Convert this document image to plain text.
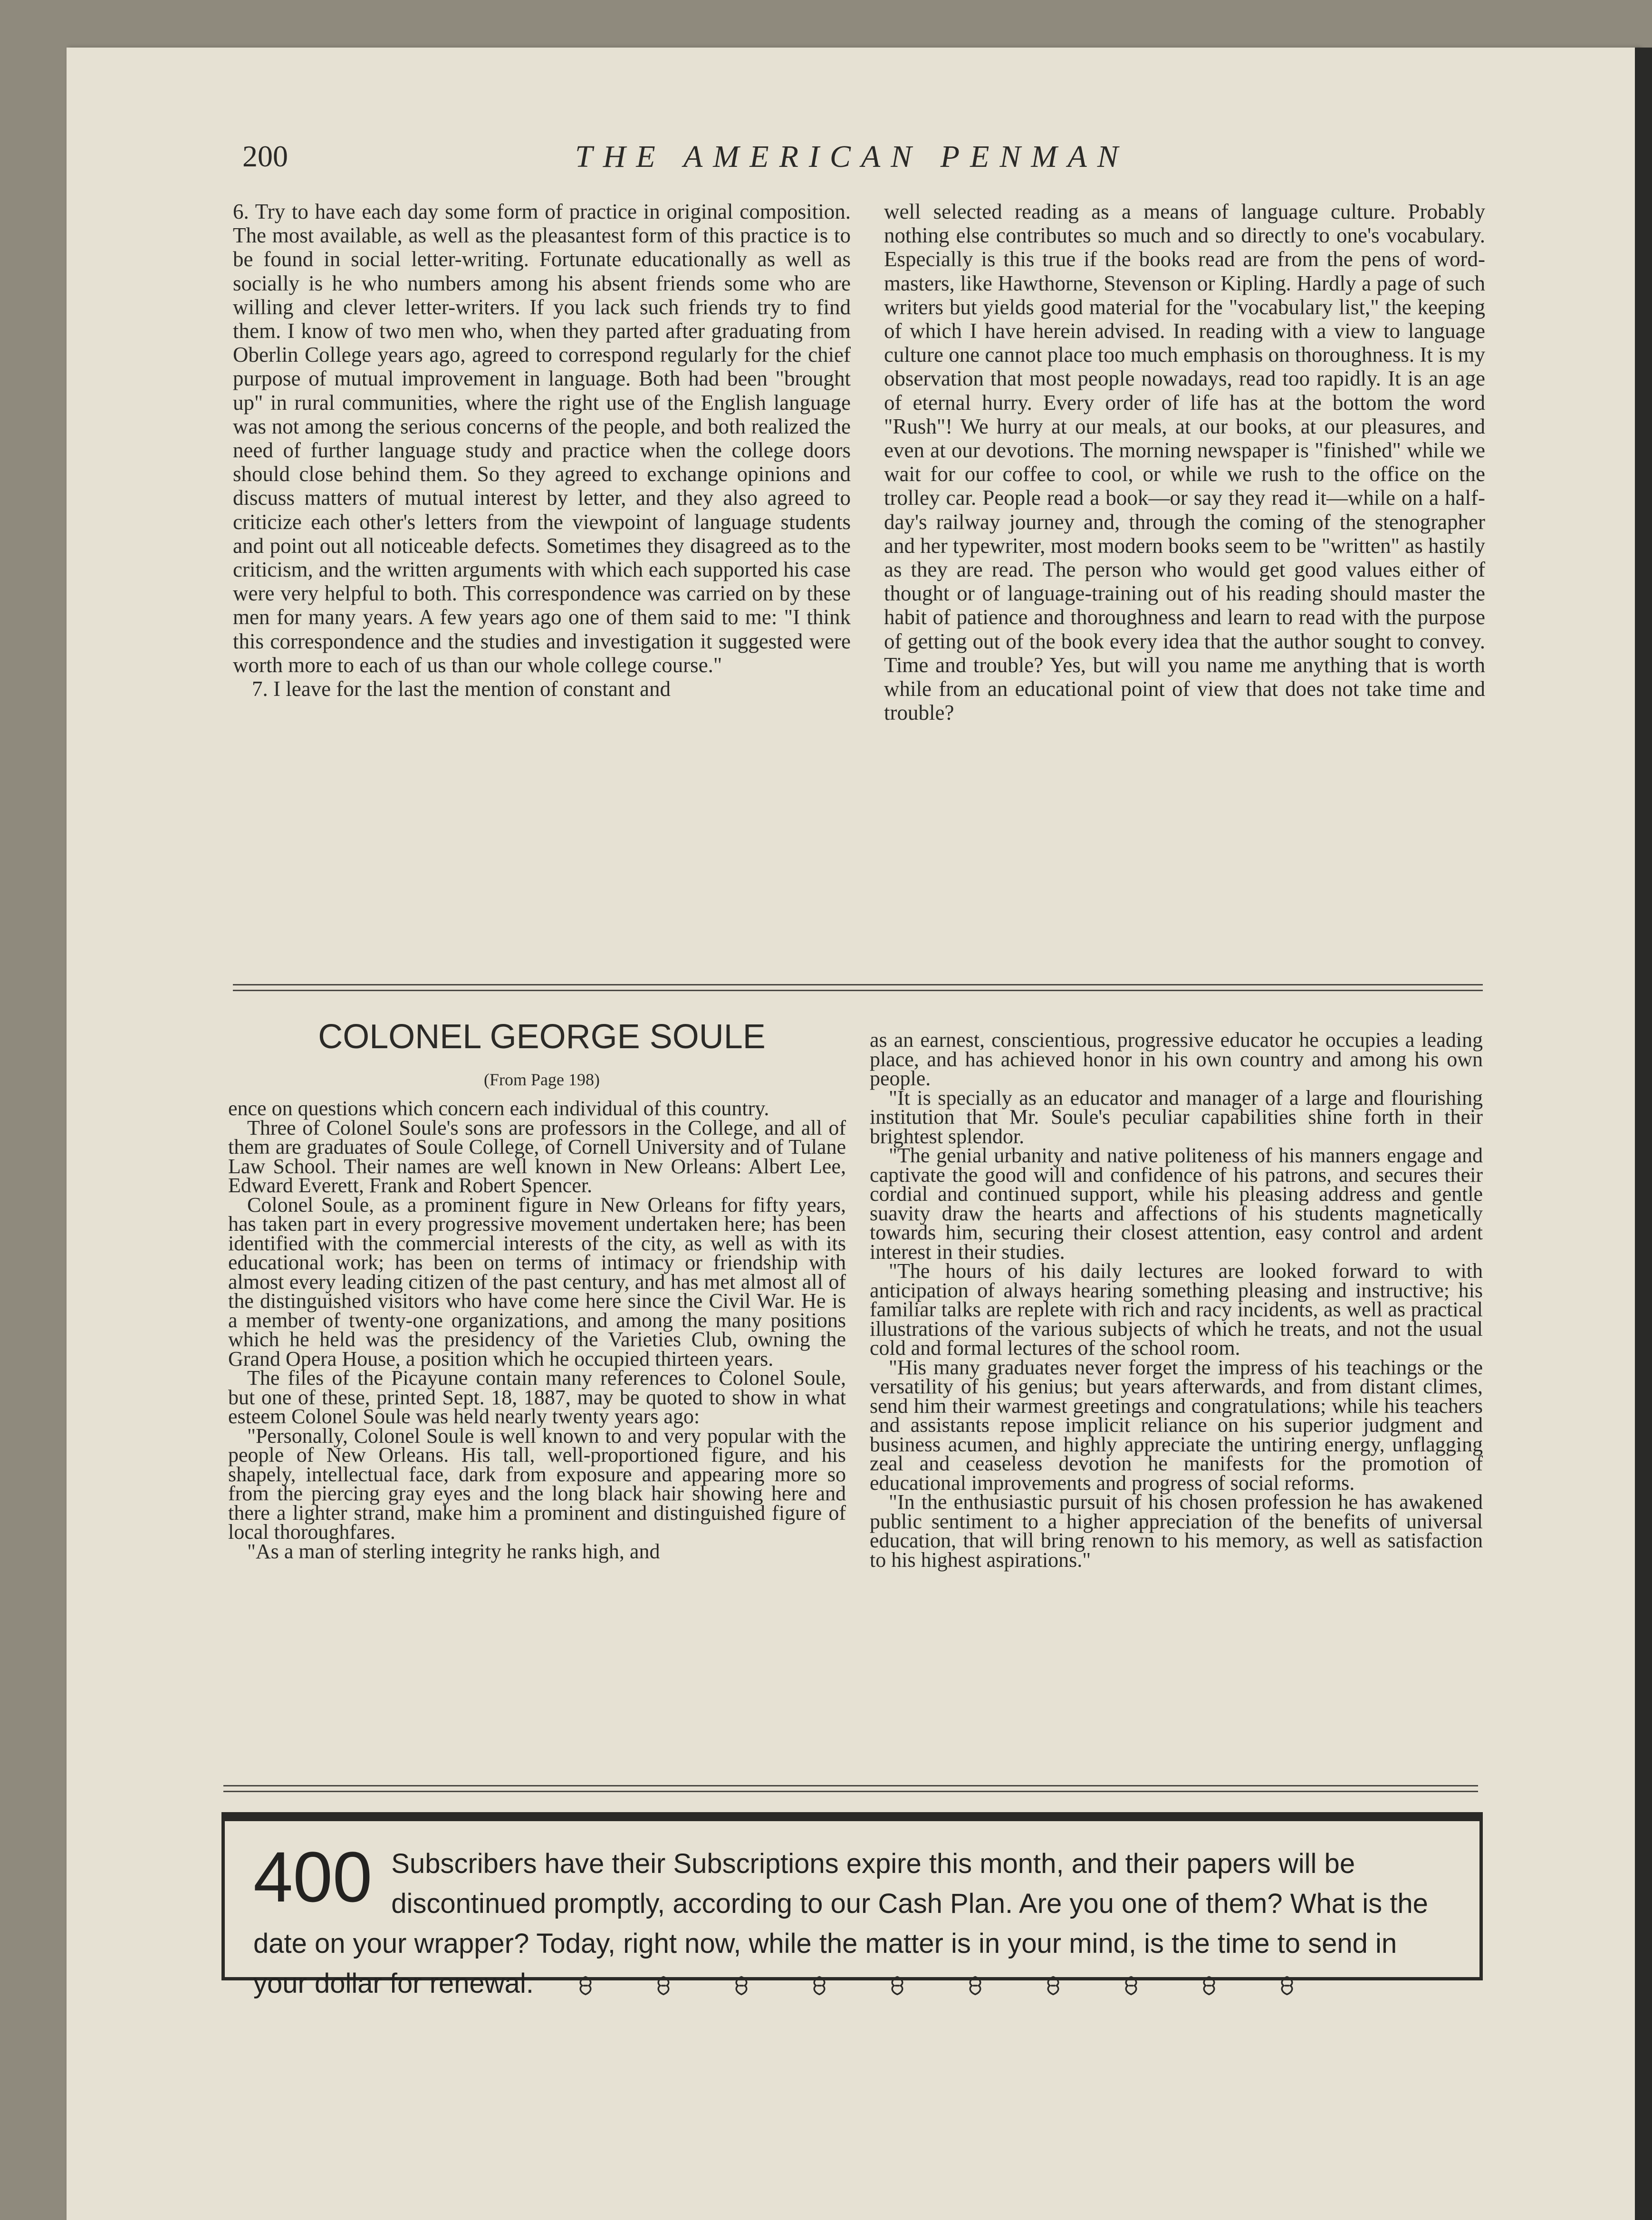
200	THE AMERICAN PENMAN

6. Try to have each day some form of practice in original composition. The most available, as well as the pleasantest form of this practice is to be found in social letter-writing. Fortunate educationally as well as socially is he who numbers among his absent friends some who are willing and clever letter-writers. If you lack such friends try to find them. I know of two men who, when they parted after graduating from Oberlin College years ago, agreed to correspond regularly for the chief purpose of mutual improvement in language. Both had been "brought up" in rural communities, where the right use of the English language was not among the serious concerns of the people, and both realized the need of further language study and practice when the college doors should close behind them. So they agreed to exchange opinions and discuss matters of mutual interest by letter, and they also agreed to criticize each other's letters from the viewpoint of language students and point out all noticeable defects. Sometimes they disagreed as to the criticism, and the written arguments with which each supported his case were very helpful to both. This correspondence was carried on by these men for many years. A few years ago one of them said to me: "I think this correspondence and the studies and investigation it suggested were worth more to each of us than our whole college course."

7. I leave for the last the mention of constant and

well selected reading as a means of language culture. Probably nothing else contributes so much and so directly to one's vocabulary. Especially is this true if the books read are from the pens of word-masters, like Hawthorne, Stevenson or Kipling. Hardly a page of such writers but yields good material for the "vocabulary list," the keeping of which I have herein advised. In reading with a view to language culture one cannot place too much emphasis on thoroughness. It is my observation that most people nowadays, read too rapidly. It is an age of eternal hurry. Every order of life has at the bottom the word "Rush"! We hurry at our meals, at our books, at our pleasures, and even at our devotions. The morning newspaper is "finished" while we wait for our coffee to cool, or while we rush to the office on the trolley car. People read a book—or say they read it—while on a half-day's railway journey and, through the coming of the stenographer and her typewriter, most modern books seem to be "written" as hastily as they are read. The person who would get good values either of thought or of language-training out of his reading should master the habit of patience and thoroughness and learn to read with the purpose of getting out of the book every idea that the author sought to convey. Time and trouble? Yes, but will you name me anything that is worth while from an educational point of view that does not take time and trouble?

COLONEL GEORGE SOULE
(From Page 198)

ence on questions which concern each individual of this country.

Three of Colonel Soule's sons are professors in the College, and all of them are graduates of Soule College, of Cornell University and of Tulane Law School. Their names are well known in New Orleans: Albert Lee, Edward Everett, Frank and Robert Spencer.

Colonel Soule, as a prominent figure in New Orleans for fifty years, has taken part in every progressive movement undertaken here; has been identified with the commercial interests of the city, as well as with its educational work; has been on terms of intimacy or friendship with almost every leading citizen of the past century, and has met almost all of the distinguished visitors who have come here since the Civil War. He is a member of twenty-one organizations, and among the many positions which he held was the presidency of the Varieties Club, owning the Grand Opera House, a position which he occupied thirteen years.

The files of the Picayune contain many references to Colonel Soule, but one of these, printed Sept. 18, 1887, may be quoted to show in what esteem Colonel Soule was held nearly twenty years ago:

"Personally, Colonel Soule is well known to and very popular with the people of New Orleans. His tall, well-proportioned figure, and his shapely, intellectual face, dark from exposure and appearing more so from the piercing gray eyes and the long black hair showing here and there a lighter strand, make him a prominent and distinguished figure of local thoroughfares.

"As a man of sterling integrity he ranks high, and

as an earnest, conscientious, progressive educator he occupies a leading place, and has achieved honor in his own country and among his own people.

"It is specially as an educator and manager of a large and flourishing institution that Mr. Soule's peculiar capabilities shine forth in their brightest splendor.

"The genial urbanity and native politeness of his manners engage and captivate the good will and confidence of his patrons, and secures their cordial and continued support, while his pleasing address and gentle suavity draw the hearts and affections of his students magnetically towards him, securing their closest attention, easy control and ardent interest in their studies.

"The hours of his daily lectures are looked forward to with anticipation of always hearing something pleasing and instructive; his familiar talks are replete with rich and racy incidents, as well as practical illustrations of the various subjects of which he treats, and not the usual cold and formal lectures of the school room.

"His many graduates never forget the impress of his teachings or the versatility of his genius; but years afterwards, and from distant climes, send him their warmest greetings and congratulations; while his teachers and assistants repose implicit reliance on his superior judgment and business acumen, and highly appreciate the untiring energy, unflagging zeal and ceaseless devotion he manifests for the promotion of educational improvements and progress of social reforms.

"In the enthusiastic pursuit of his chosen profession he has awakened public sentiment to a higher appreciation of the benefits of universal education, that will bring renown to his memory, as well as satisfaction to his highest aspirations."

400 Subscribers have their Subscriptions expire this month, and their papers will be discontinued promptly, according to our Cash Plan. Are you one of them? What is the date on your wrapper? Today, right now, while the matter is in your mind, is the time to send in your dollar for renewal.
